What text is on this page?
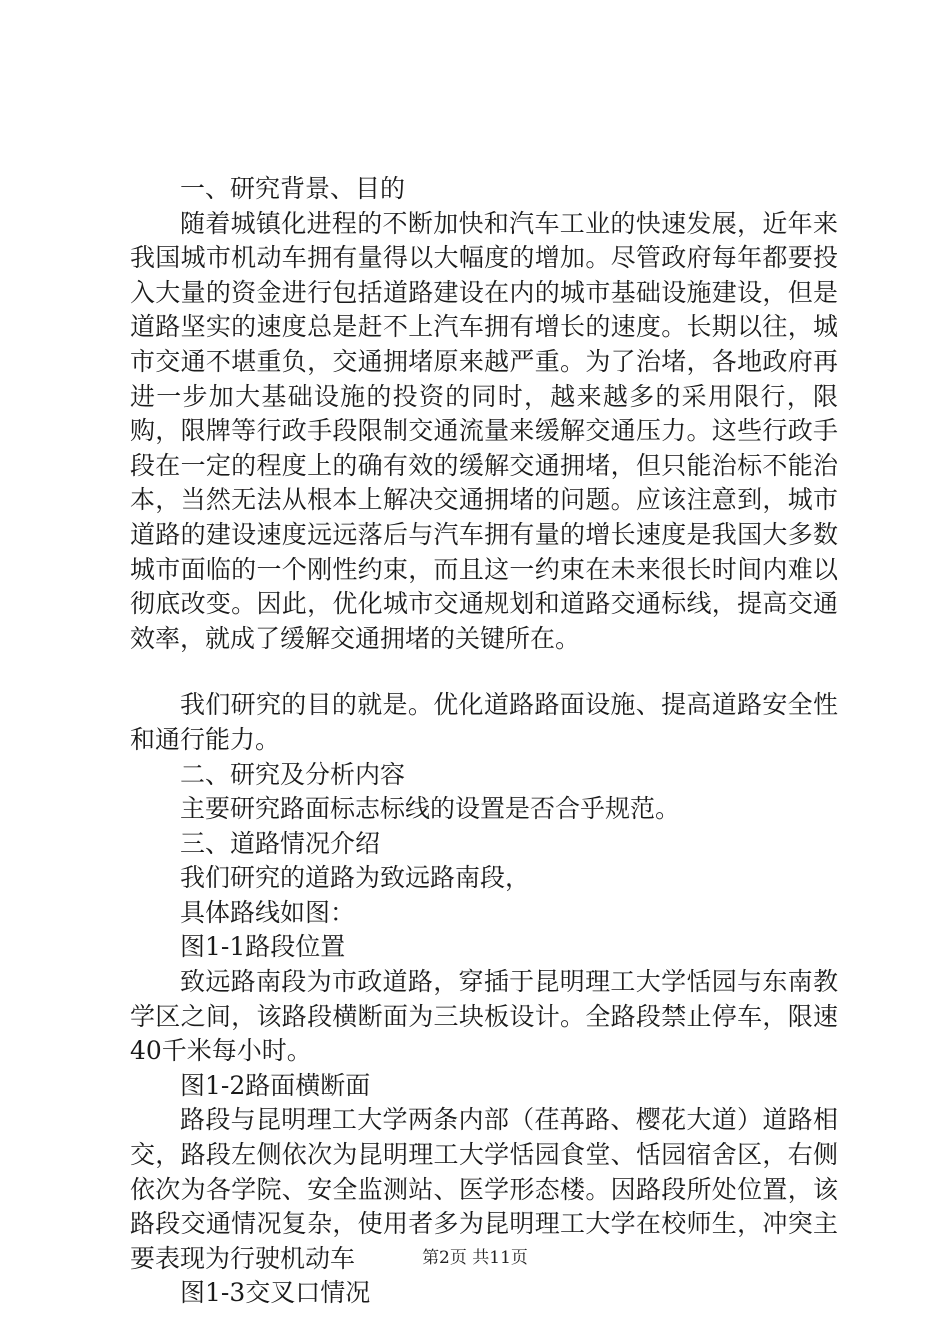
一、研究背景、目的

随着城镇化进程的不断加快和汽车工业的快速发展，近年来我国城市机动车拥有量得以大幅度的增加。尽管政府每年都要投入大量的资金进行包括道路建设在内的城市基础设施建设，但是道路坚实的速度总是赶不上汽车拥有增长的速度。长期以往，城市交通不堪重负，交通拥堵原来越严重。为了治堵，各地政府再进一步加大基础设施的投资的同时，越来越多的采用限行，限购，限牌等行政手段限制交通流量来缓解交通压力。这些行政手段在一定的程度上的确有效的缓解交通拥堵，但只能治标不能治本，当然无法从根本上解决交通拥堵的问题。应该注意到，城市道路的建设速度远远落后与汽车拥有量的增长速度是我国大多数城市面临的一个刚性约束，而且这一约束在未来很长时间内难以彻底改变。因此，优化城市交通规划和道路交通标线，提高交通效率，就成了缓解交通拥堵的关键所在。

我们研究的目的就是。优化道路路面设施、提高道路安全性和通行能力。

二、研究及分析内容

主要研究路面标志标线的设置是否合乎规范。

三、道路情况介绍

我们研究的道路为致远路南段，

具体路线如图：

图1-1路段位置

致远路南段为市政道路，穿插于昆明理工大学恬园与东南教学区之间，该路段横断面为三块板设计。全路段禁止停车，限速40千米每小时。

图1-2路面横断面

路段与昆明理工大学两条内部（荏苒路、樱花大道）道路相交，路段左侧依次为昆明理工大学恬园食堂、恬园宿舍区，右侧依次为各学院、安全监测站、医学形态楼。因路段所处位置，该路段交通情况复杂，使用者多为昆明理工大学在校师生，冲突主要表现为行驶机动车

图1-3交叉口情况

第2页 共11页
